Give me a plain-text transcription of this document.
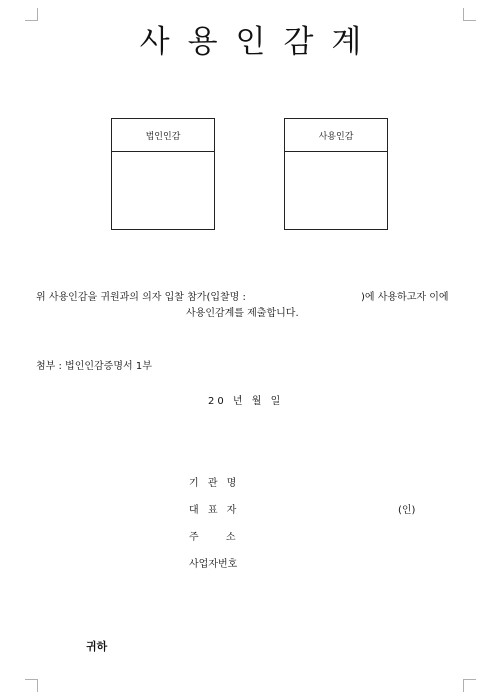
사용인감계
법인인감	사용인감
위 사용인감을 귀원과의 의자 입찰 참가(입찰명 :	)에 사용하고자 이에
사용인감계를 제출합니다.
첨부 : 법인인감증명서 1부
20 년 월 일
기 관 명
대 표 자	(인)
주 소
사업자번호
귀하
